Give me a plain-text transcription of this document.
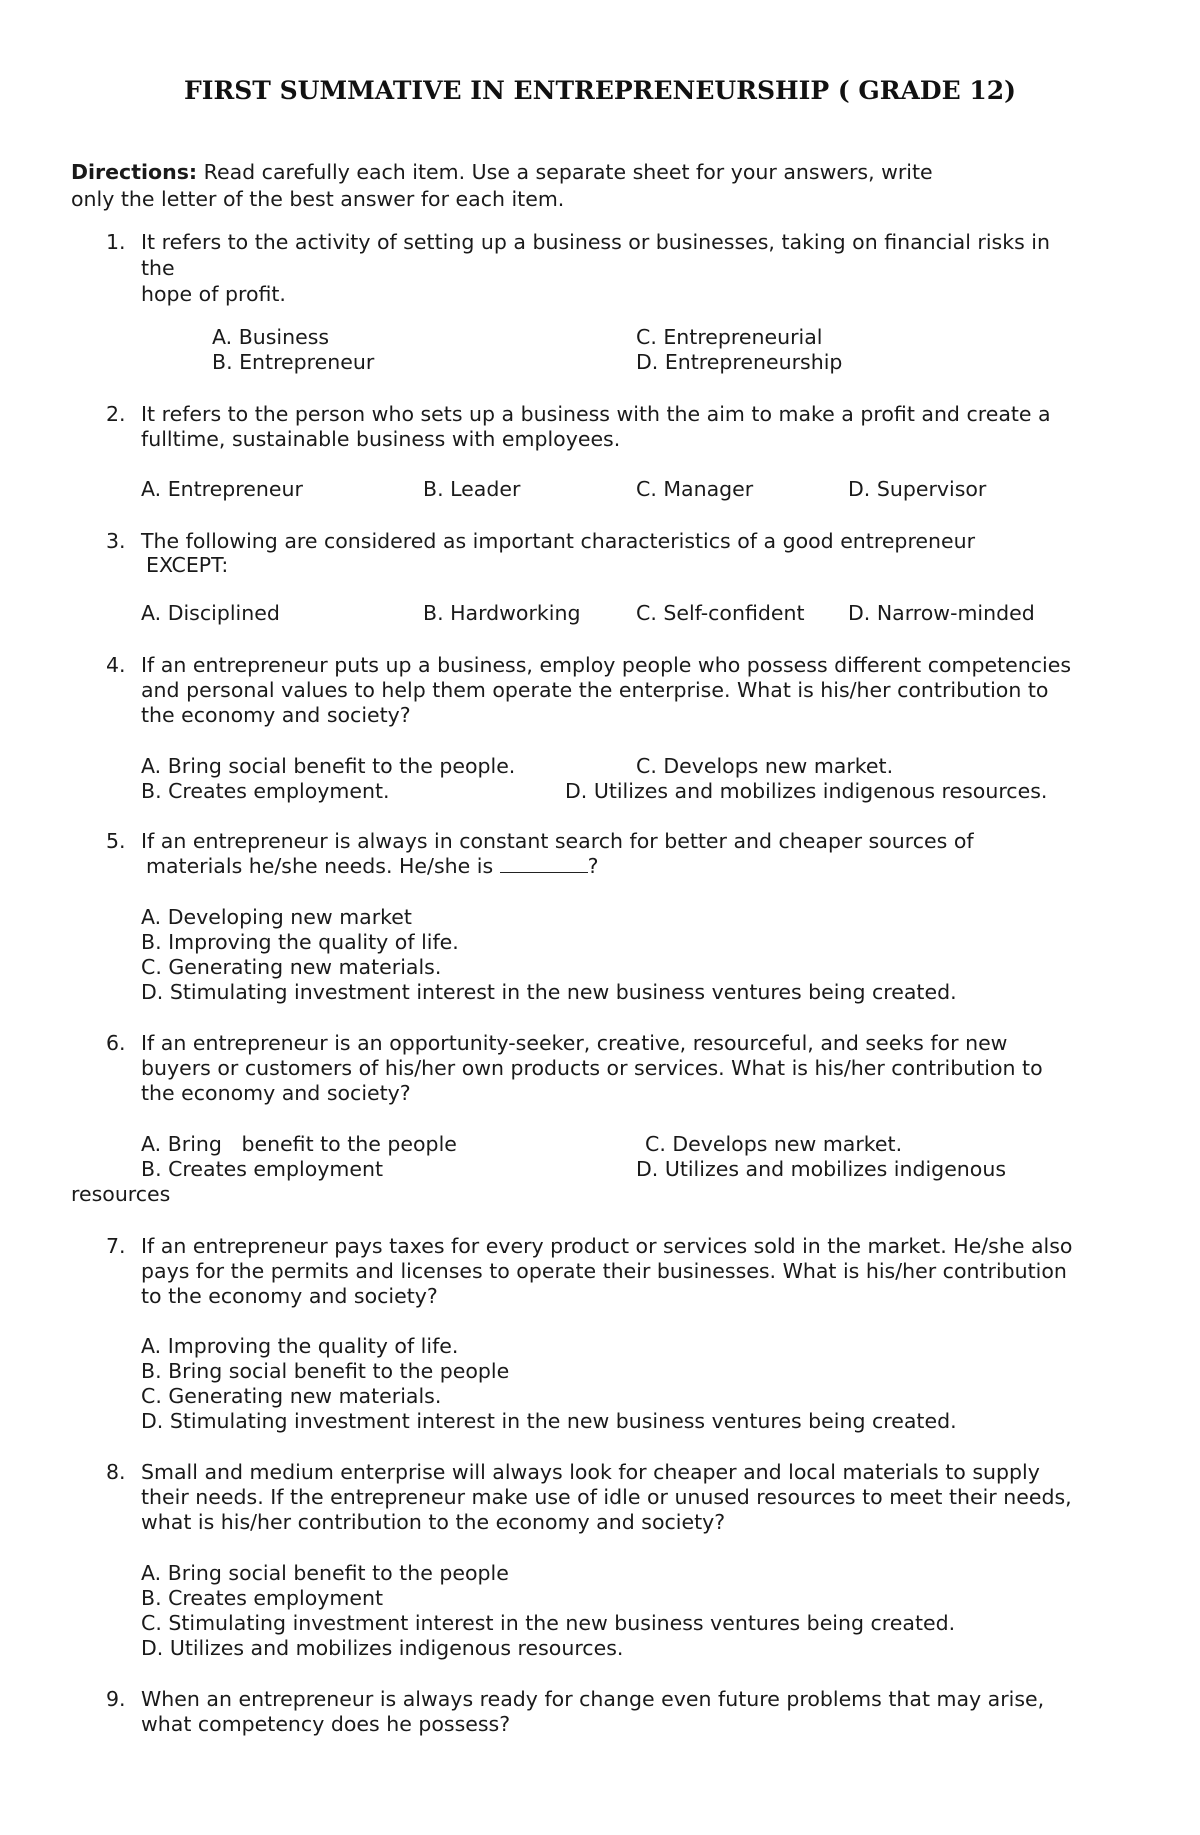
FIRST SUMMATIVE IN ENTREPRENEURSHIP ( GRADE 12)
Directions: Read carefully each item. Use a separate sheet for your answers, write
only the letter of the best answer for each item.
1. It refers to the activity of setting up a business or businesses, taking on financial risks in
the
hope of profit.
A. Business	C. Entrepreneurial
B. Entrepreneur	D. Entrepreneurship
2. It refers to the person who sets up a business with the aim to make a profit and create a
fulltime, sustainable business with employees.
A. Entrepreneur	B. Leader	C. Manager	D. Supervisor
3. The following are considered as important characteristics of a good entrepreneur
EXCEPT:
A. Disciplined	B. Hardworking	C. Self-confident D. Narrow-minded
4. If an entrepreneur puts up a business, employ people who possess different competencies
and personal values to help them operate the enterprise. What is his/her contribution to
the economy and society?
A. Bring social benefit to the people.	C. Develops new market.
B. Creates employment.	D. Utilizes and mobilizes indigenous resources.
5. If an entrepreneur is always in constant search for better and cheaper sources of
materials he/she needs. He/she is	?
A. Developing new market
B. Improving the quality of life.
C. Generating new materials.
D. Stimulating investment interest in the new business ventures being created.
6. If an entrepreneur is an opportunity-seeker, creative, resourceful, and seeks for new
buyers or customers of his/her own products or services. What is his/her contribution to
the economy and society?
A. Bring   benefit to the people	C. Develops new market.
B. Creates employment	D. Utilizes and mobilizes indigenous
resources
7. If an entrepreneur pays taxes for every product or services sold in the market. He/she also
pays for the permits and licenses to operate their businesses. What is his/her contribution
to the economy and society?
A. Improving the quality of life.
B. Bring social benefit to the people
C. Generating new materials.
D. Stimulating investment interest in the new business ventures being created.
8. Small and medium enterprise will always look for cheaper and local materials to supply
their needs. If the entrepreneur make use of idle or unused resources to meet their needs,
what is his/her contribution to the economy and society?
A. Bring social benefit to the people
B. Creates employment
C. Stimulating investment interest in the new business ventures being created.
D. Utilizes and mobilizes indigenous resources.
9. When an entrepreneur is always ready for change even future problems that may arise,
what competency does he possess?
